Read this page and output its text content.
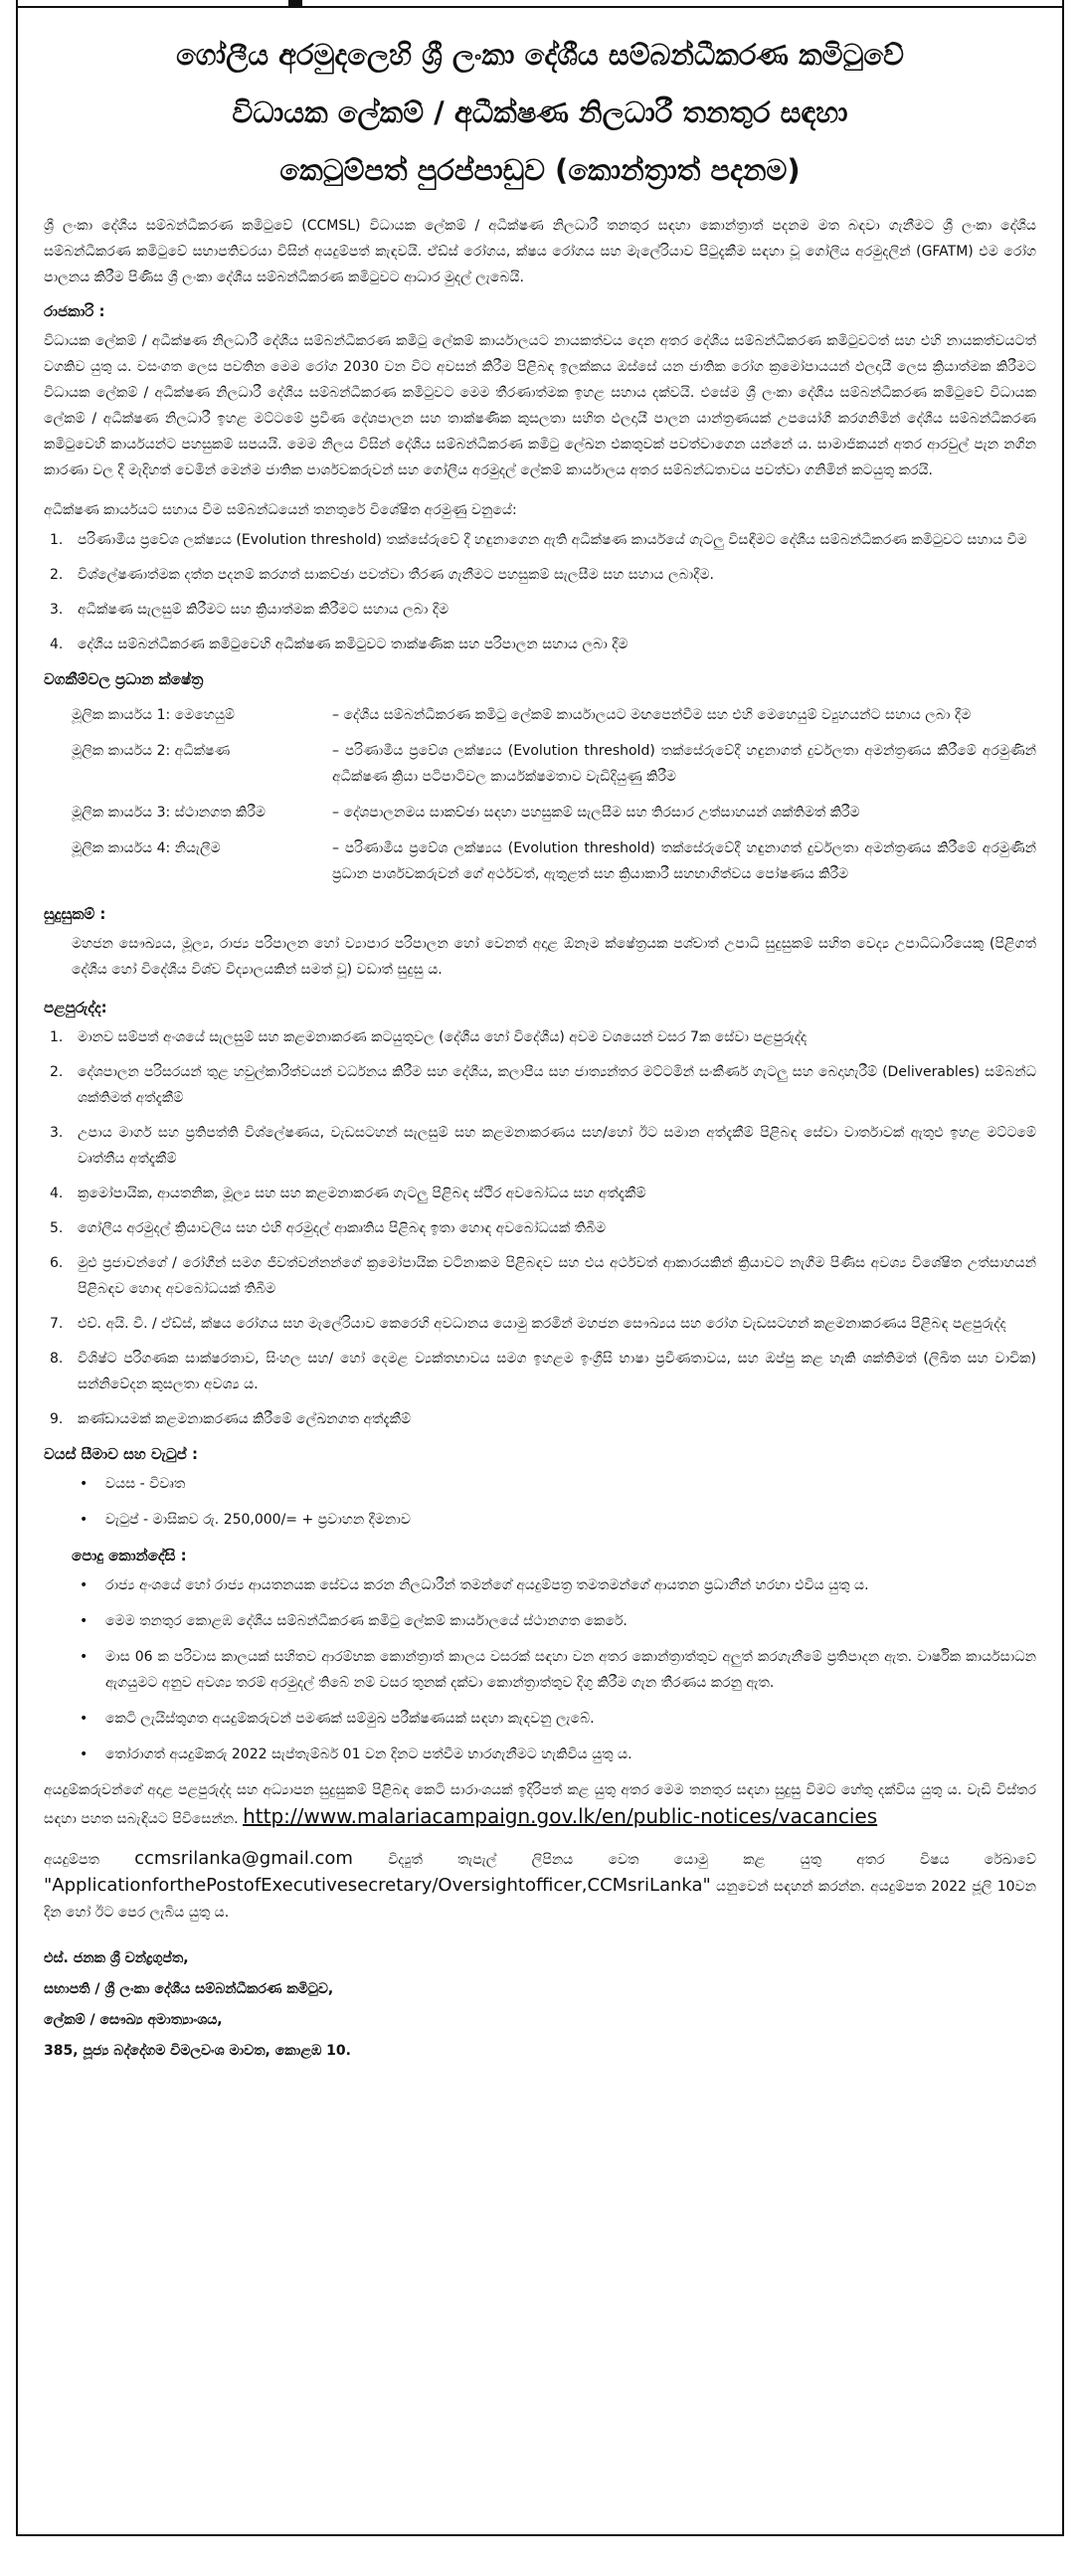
ගෝලීය අරමුදලෙහි ශ්‍රී ලංකා දේශීය සම්බන්ධීකරණ කමිටුවේ
විධායක ලේකම් / අධීක්ෂණ නිලධාරී තනතුර සඳහා
කෙටුම්පත් පුරප්පාඩුව (කොන්ත්‍රාත් පදනම)

ශ්‍රී ලංකා දේශීය සම්බන්ධීකරණ කමිටුවේ (CCMSL) විධායක ලේකම් / අධීක්ෂණ නිලධාරී තනතුර සඳහා කොන්ත්‍රාත් පදනම මත බඳවා ගැනීමට ශ්‍රී ලංකා දේශීය සම්බන්ධීකරණ කමිටුවේ සභාපතිවරයා විසින් අයදුම්පත් කැඳවයි. ඒඩ්ස් රෝගය, ක්ෂය රෝගය සහ මැලේරියාව පිටුදැකීම සඳහා වූ ගෝලීය අරමුදලින් (GFATM) එම රෝග පාලනය කිරීම පිණිස ශ්‍රී ලංකා දේශීය සම්බන්ධීකරණ කමිටුවට ආධාර මුදල් ලැබෙයි.

රාජකාරි :

විධායක ලේකම් / අධීක්ෂණ නිලධාරී දේශීය සම්බන්ධීකරණ කමිටු ලේකම් කාර්යාලයට නායකත්වය දෙන අතර දේශීය සම්බන්ධීකරණ කමිටුවටත් සහ එහි නායකත්වයටත් වගකිව යුතු ය. වසංගත ලෙස පවතින මෙම රෝග 2030 වන විට අවසන් කිරීම පිළිබඳ ඉලක්කය ඔස්සේ යන ජාතික රෝග ක්‍රමෝපායයන් ඵලදායී ලෙස ක්‍රියාත්මක කිරීමට විධායක ලේකම් / අධීක්ෂණ නිලධාරී දේශීය සම්බන්ධීකරණ කමිටුවට මෙම තීරණාත්මක ඉහළ සහාය දක්වයි. එසේම ශ්‍රී ලංකා දේශීය සම්බන්ධීකරණ කමිටුවේ විධායක ලේකම් / අධීක්ෂණ නිලධාරී ඉහළ මට්ටමේ ප්‍රවීණ දේශපාලන සහ තාක්ෂණික කුසලතා සහිත ඵලදායී පාලන යාන්ත්‍රණයක් උපයෝගී කරගනිමින් දේශීය සම්බන්ධීකරණ කමිටුවෙහි කාර්යයන්ට පහසුකම් සපයයි. මෙම නිලය විසින් දේශීය සම්බන්ධීකරණ කමිටු ලේඛන එකතුවක් පවත්වාගෙන යන්නේ ය. සාමාජිකයන් අතර ආරවුල් පැන නගින කාරණා වල දී මැදිහත් වෙමින් මෙන්ම ජාතික පාර්ශවකරුවන් සහ ගෝලීය අරමුදල් ලේකම් කාර්යාලය අතර සම්බන්ධතාවය පවත්වා ගනිමින් කටයුතු කරයි.

අධීක්ෂණ කාර්යයට සහාය වීම සම්බන්ධයෙන් තනතුරේ විශේෂිත අරමුණු වනුයේ:

1. පරිණාමීය ප්‍රවේශ ලක්ෂ්‍යය (Evolution threshold) තක්සේරුවේ දී හඳුනාගෙන ඇති අධීක්ෂණ කාර්යයේ ගැටලු විසඳීමට දේශීය සම්බන්ධීකරණ කමිටුවට සහාය වීම
2. විශ්ලේෂණාත්මක දත්ත පදනම් කරගත් සාකච්ඡා පවත්වා තීරණ ගැනීමට පහසුකම් සැලසීම සහ සහාය ලබාදීම.
3. අධීක්ෂණ සැලසුම් කිරීමට සහ ක්‍රියාත්මක කිරීමට සහාය ලබා දීම
4. දේශීය සම්බන්ධීකරණ කමිටුවෙහි අධීක්ෂණ කමිටුවට තාක්ෂණික සහ පරිපාලන සහාය ලබා දීම
වගකීම්වල ප්‍රධාන ක්ෂේත්‍ර
මූලික කාර්යය 1: මෙහෙයුම්	– දේශීය සම්බන්ධීකරණ කමිටු ලේකම් කාර්යාලයට මඟපෙන්වීම සහ එහි මෙහෙයුම් ව්‍යුහයන්ට සහාය ලබා දීම
මූලික කාර්යය 2: අධීක්ෂණ	– පරිණාමීය ප්‍රවේශ ලක්ෂ්‍යය (Evolution threshold) තක්සේරුවේදී හඳුනාගත් දුර්වලතා අමන්ත්‍රණය කිරීමේ අරමුණින් අධීක්ෂණ ක්‍රියා පටිපාටිවල කාර්යක්ෂමතාව වැඩිදියුණු කිරීම
මූලික කාර්යය 3: ස්ථානගත කිරීම	– දේශපාලනමය සාකච්ඡා සඳහා පහසුකම් සැලසීම සහ තිරසාර උත්සාහයන් ශක්තිමත් කිරීම
මූලික කාර්යය 4: නියැලීම	– පරිණාමීය ප්‍රවේශ ලක්ෂ්‍යය (Evolution threshold) තක්සේරුවේදී හඳුනාගත් දුර්වලතා අමන්ත්‍රණය කිරීමේ අරමුණින් ප්‍රධාන පාර්ශවකරුවන් ගේ අර්ථවත්, ඇතුළත් සහ ක්‍රියාකාරී සහභාගිත්වය පෝෂණය කිරීම
සුදුසුකම් :

මහජන සෞඛ්‍යය, මූල්‍ය, රාජ්‍ය පරිපාලන හෝ ව්‍යාපාර පරිපාලන හෝ වෙනත් අදාළ ඕනෑම ක්ෂේත්‍රයක පශ්චාත් උපාධි සුදුසුකම් සහිත වෙද්‍ය උපාධිධාරියෙකු (පිළිගත් දේශීය හෝ විදේශීය විශ්ව විද්‍යාලයකින් සමත් වූ) වඩාත් සුදුසු ය.

පළපුරුද්ද:
1. මානව සම්පත් අංශයේ සැලසුම් සහ කළමනාකරණ කටයුතුවල (දේශීය හෝ විදේශීය) අවම වශයෙන් වසර 7ක සේවා පළපුරුද්ද
2. දේශපාලන පරිසරයන් තුළ හවුල්කාරිත්වයන් වර්ධනය කිරීම සහ දේශීය, කලාපීය සහ ජාත්‍යන්තර මට්ටමින් සංකීර්ණ ගැටලු සහ බෙදාහැරීම් (Deliverables) සම්බන්ධ ශක්තිමත් අත්දැකීම්
3. උපාය මාර්ග සහ ප්‍රතිපත්ති විශ්ලේෂණය, වැඩසටහන් සැලසුම් සහ කළමනාකරණය සහ/හෝ ඊට සමාන අත්දැකීම් පිළිබඳ සේවා වාර්තාවක් ඇතුළු ඉහළ මට්ටමේ වෘත්තීය අත්දැකීම්
4. ක්‍රමෝපායික, ආයතනික, මූල්‍ය සහ සහ කළමනාකරණ ගැටලු පිළිබඳ ස්ථිර අවබෝධය සහ අත්දැකීම්
5. ගෝලීය අරමුදල් ක්‍රියාවලිය සහ එහි අරමුදල් ආකෘතිය පිළිබඳ ඉතා හොඳ අවබෝධයක් තිබීම
6. මුළු ප්‍රජාවන්ගේ / රෝගීන් සමග ජීවත්වන්නන්ගේ ක්‍රමෝපායික වටිනාකම පිළිබඳව සහ එය අර්ථවත් ආකාරයකින් ක්‍රියාවට නැගීම පිණිස අවශ්‍ය විශේෂිත උත්සාහයන් පිළිබඳව හොඳ අවබෝධයක් තිබීම
7. එච්. අයි. වී. / ඒඩ්ස්, ක්ෂය රෝගය සහ මැලේරියාව කෙරෙහි අවධානය යොමු කරමින් මහජන සෞඛ්‍යය සහ රෝග වැඩසටහන් කළමනාකරණය පිළිබඳ පළපුරුද්ද
8. විශිෂ්ට පරිගණක සාක්ෂරතාව, සිංහල සහ/ හෝ දෙමළ ව්‍යක්තභාවය සමග ඉහළම ඉංග්‍රීසි භාෂා ප්‍රවීණතාවය, සහ ඔප්පු කළ හැකි ශක්තිමත් (ලිඛිත සහ වාචික) සන්නිවේදන කුසලතා අවශ්‍ය ය.
9. කණ්ඩායමක් කළමනාකරණය කිරීමේ ලේඛනගත අත්දැකීම්
වයස් සීමාව සහ වැටුප් :
• වයස - විවෘත
• වැටුප් - මාසිකව රු. 250,000/= + ප්‍රවාහන දීමනාව
පොදු කොන්දේසි :
• රාජ්‍ය අංශයේ හෝ රාජ්‍ය ආයතනයක සේවය කරන නිලධාරීන් තමන්ගේ අයදුම්පත්‍ර තමතමන්ගේ ආයතන ප්‍රධානීන් හරහා එවිය යුතු ය.
• මෙම තනතුර කොළඹ දේශීය සම්බන්ධීකරණ කමිටු ලේකම් කාර්යාලයේ ස්ථානගත කෙරේ.
• මාස 06 ක පරිවාස කාලයක් සහිතව ආරම්භක කොන්ත්‍රාත් කාලය වසරක් සඳහා වන අතර කොන්ත්‍රාත්තුව අලුත් කරගැනීමේ ප්‍රතිපාදන ඇත. වාර්ෂික කාර්යසාධන ඇගයුමට අනුව අවශ්‍ය තරම් අරමුදල් තිබේ නම් වසර තුනක් දක්වා කොන්ත්‍රාත්තුව දිගු කිරීම ගැන තීරණය කරනු ඇත.
• කෙටි ලැයිස්තුගත අයදුම්කරුවන් පමණක් සම්මුඛ පරීක්ෂණයක් සඳහා කැඳවනු ලැබේ.
• තෝරාගත් අයදුම්කරු 2022 සැප්තැම්බර් 01 වන දිනට පත්වීම භාරගැනීමට හැකිවිය යුතු ය.

අයදුම්කරුවන්ගේ අදාළ පළපුරුද්ද සහ අධ්‍යාපන සුදුසුකම් පිළිබඳ කෙටි සාරාංශයක් ඉදිරිපත් කළ යුතු අතර මෙම තනතුර සඳහා සුදුසු විමට හේතු දක්විය යුතු ය. වැඩි විස්තර සඳහා පහත සබැඳියට පිවිසෙන්න. http://www.malariacampaign.gov.lk/en/public-notices/vacancies

අයදුම්පත ccmsrilanka@gmail.com	විද්‍යුත් තැපැල් ලිපිනය වෙත යොමු කළ යුතු අතර විෂය රේඛාවේ "ApplicationforthePostofExecutivesecretary/Oversightofficer,CCMsriLanka" යනුවෙන් සඳහන් කරන්න. අයදුම්පත 2022 ජූලි 10වන දින හෝ ඊට පෙර ලැබිය යුතු ය.

එස්. ජනක ශ්‍රී චන්ද්‍රගුප්ත,
සභාපති / ශ්‍රී ලංකා දේශීය සම්බන්ධීකරණ කමිටුව,
ලේකම් / සෞඛ්‍ය අමාත්‍යාංශය,
385, පූජ්‍ය බද්දේගම විමලවංශ මාවත, කොළඹ 10.
